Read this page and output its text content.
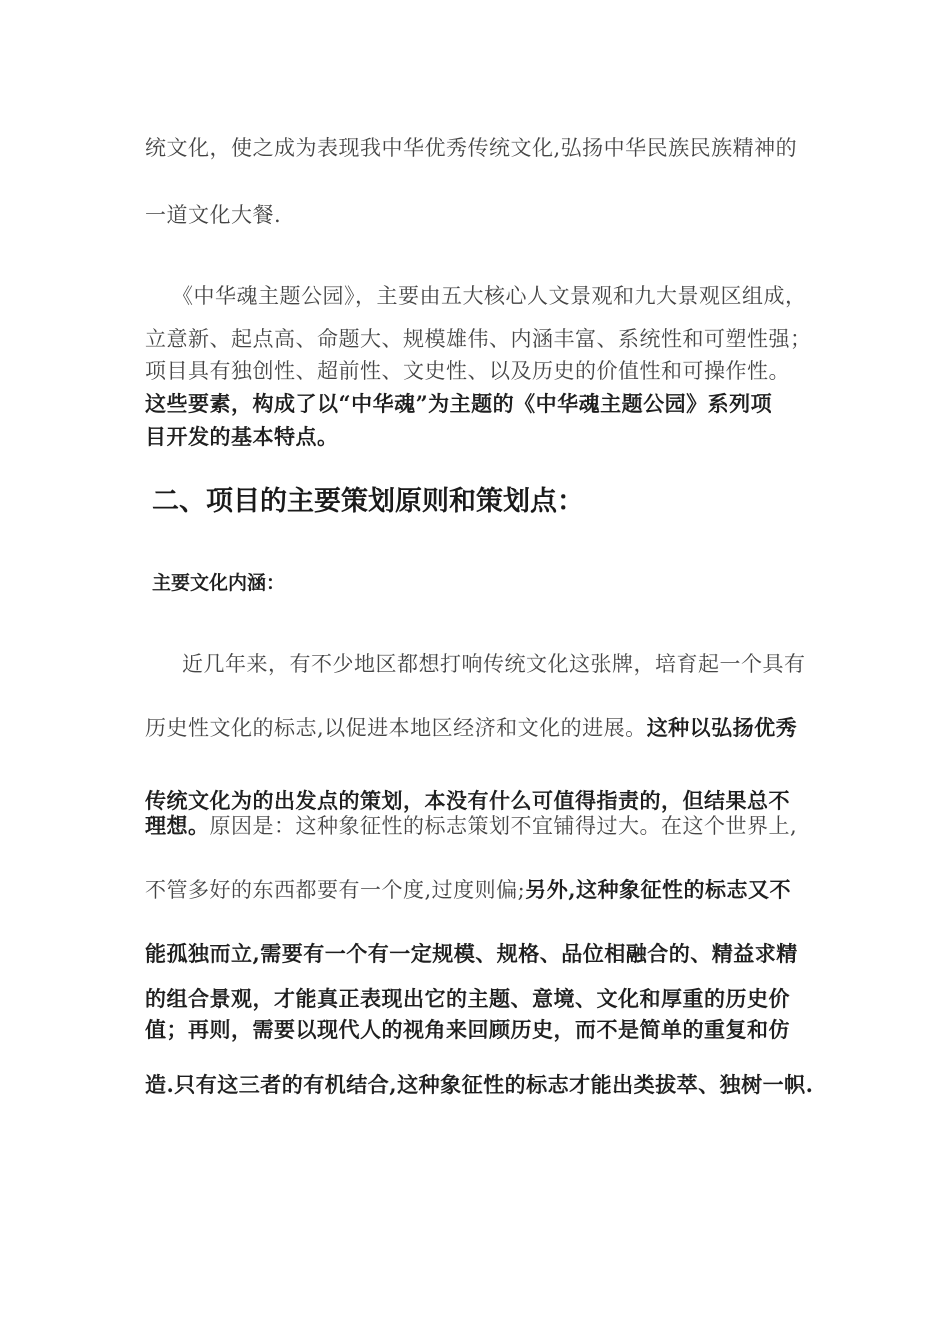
统文化，使之成为表现我中华优秀传统文化,弘扬中华民族民族精神的
一道文化大餐.
《中华魂主题公园》，主要由五大核心人文景观和九大景观区组成，
立意新、起点高、命题大、规模雄伟、内涵丰富、系统性和可塑性强；
项目具有独创性、超前性、文史性、以及历史的价值性和可操作性。
这些要素，构成了以“中华魂”为主题的《中华魂主题公园》系列项
目开发的基本特点。
二、项目的主要策划原则和策划点：
主要文化内涵：
近几年来，有不少地区都想打响传统文化这张牌，培育起一个具有
历史性文化的标志,以促进本地区经济和文化的进展。这种以弘扬优秀
传统文化为的出发点的策划，本没有什么可值得指责的，但结果总不
理想。原因是：这种象征性的标志策划不宜铺得过大。在这个世界上,
不管多好的东西都要有一个度,过度则偏;另外,这种象征性的标志又不
能孤独而立,需要有一个有一定规模、规格、品位相融合的、精益求精
的组合景观，才能真正表现出它的主题、意境、文化和厚重的历史价
值；再则，需要以现代人的视角来回顾历史，而不是简单的重复和仿
造.只有这三者的有机结合,这种象征性的标志才能出类拔萃、独树一帜.
